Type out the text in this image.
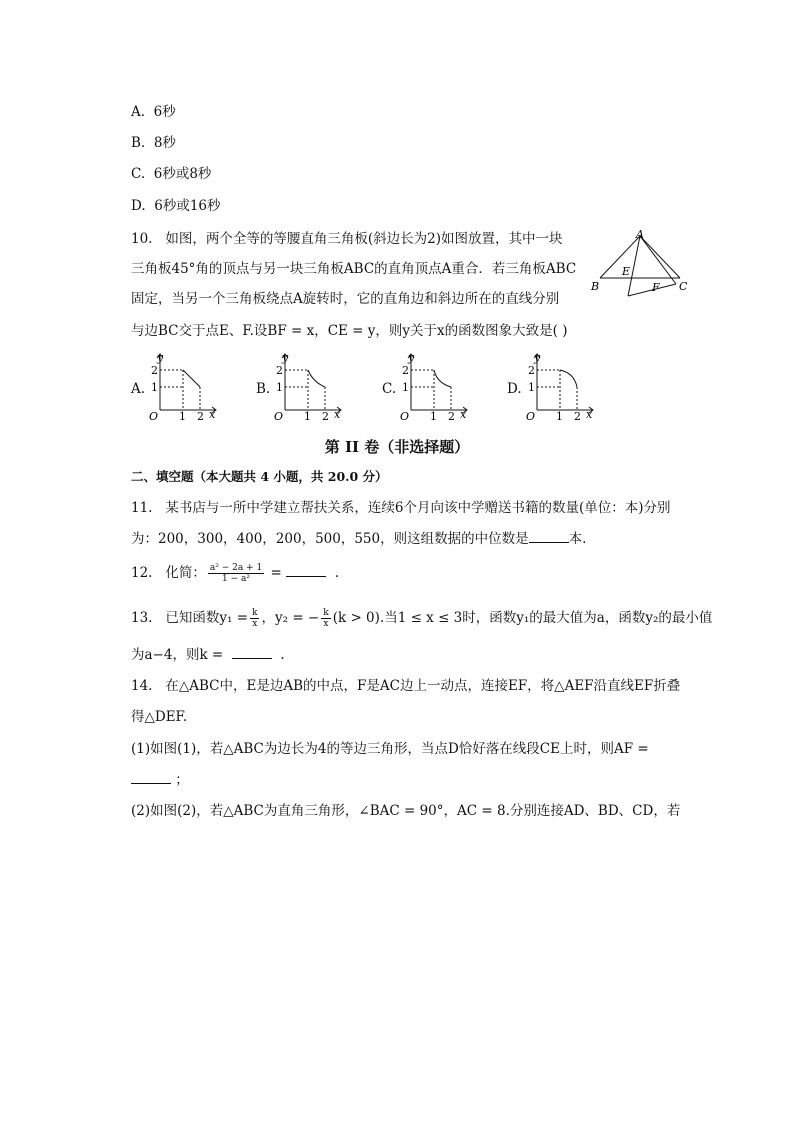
A. 6秒
B. 8秒
C. 6秒或8秒
D. 6秒或16秒
10. 如图，两个全等的等腰直角三角板(斜边长为2)如图放置，其中一块
三角板45°角的顶点与另一块三角板ABC的直角顶点A重合．若三角板ABC
固定，当另一个三角板绕点A旋转时，它的直角边和斜边所在的直线分别
与边BC交于点E、F.设BF = x，CE = y，则y关于x的函数图象大致是( )
A
B	C
E
F
A.
y
2
1
O 1 2 x
B.
y
2
1
O 1 2 x
C.
y
2
1
O 1 2 x
D.
y
2
1
O 1 2 x
第 II 卷（非选择题）
二、填空题（本大题共 4 小题，共 20.0 分）
11. 某书店与一所中学建立帮扶关系，连续6个月向该中学赠送书籍的数量(单位：本)分别
为：200，300，400，200，500，550，则这组数据的中位数是	本.
12. 化简： $\frac{\text{a² − 2a + 1}}{\text{1 − a²}}$ =	.
13. 已知函数$y_1 = \frac{k}{x}$ ，y₂ = − $\frac{k}{x} (k > 0)$.当1 ≤ x ≤ 3时，函数y₁的最大值为a，函数y₂的最小值
为a−4，则k =	.
14. 在△ABC中，E是边AB的中点，F是AC边上一动点，连接EF，将△AEF沿直线EF折叠
得△DEF.
(1)如图(1)，若△ABC为边长为4的等边三角形，当点D恰好落在线段CE上时，则AF =
；
(2)如图(2)，若△ABC为直角三角形，∠BAC = 90°，AC = 8.分别连接AD、BD、CD，若
